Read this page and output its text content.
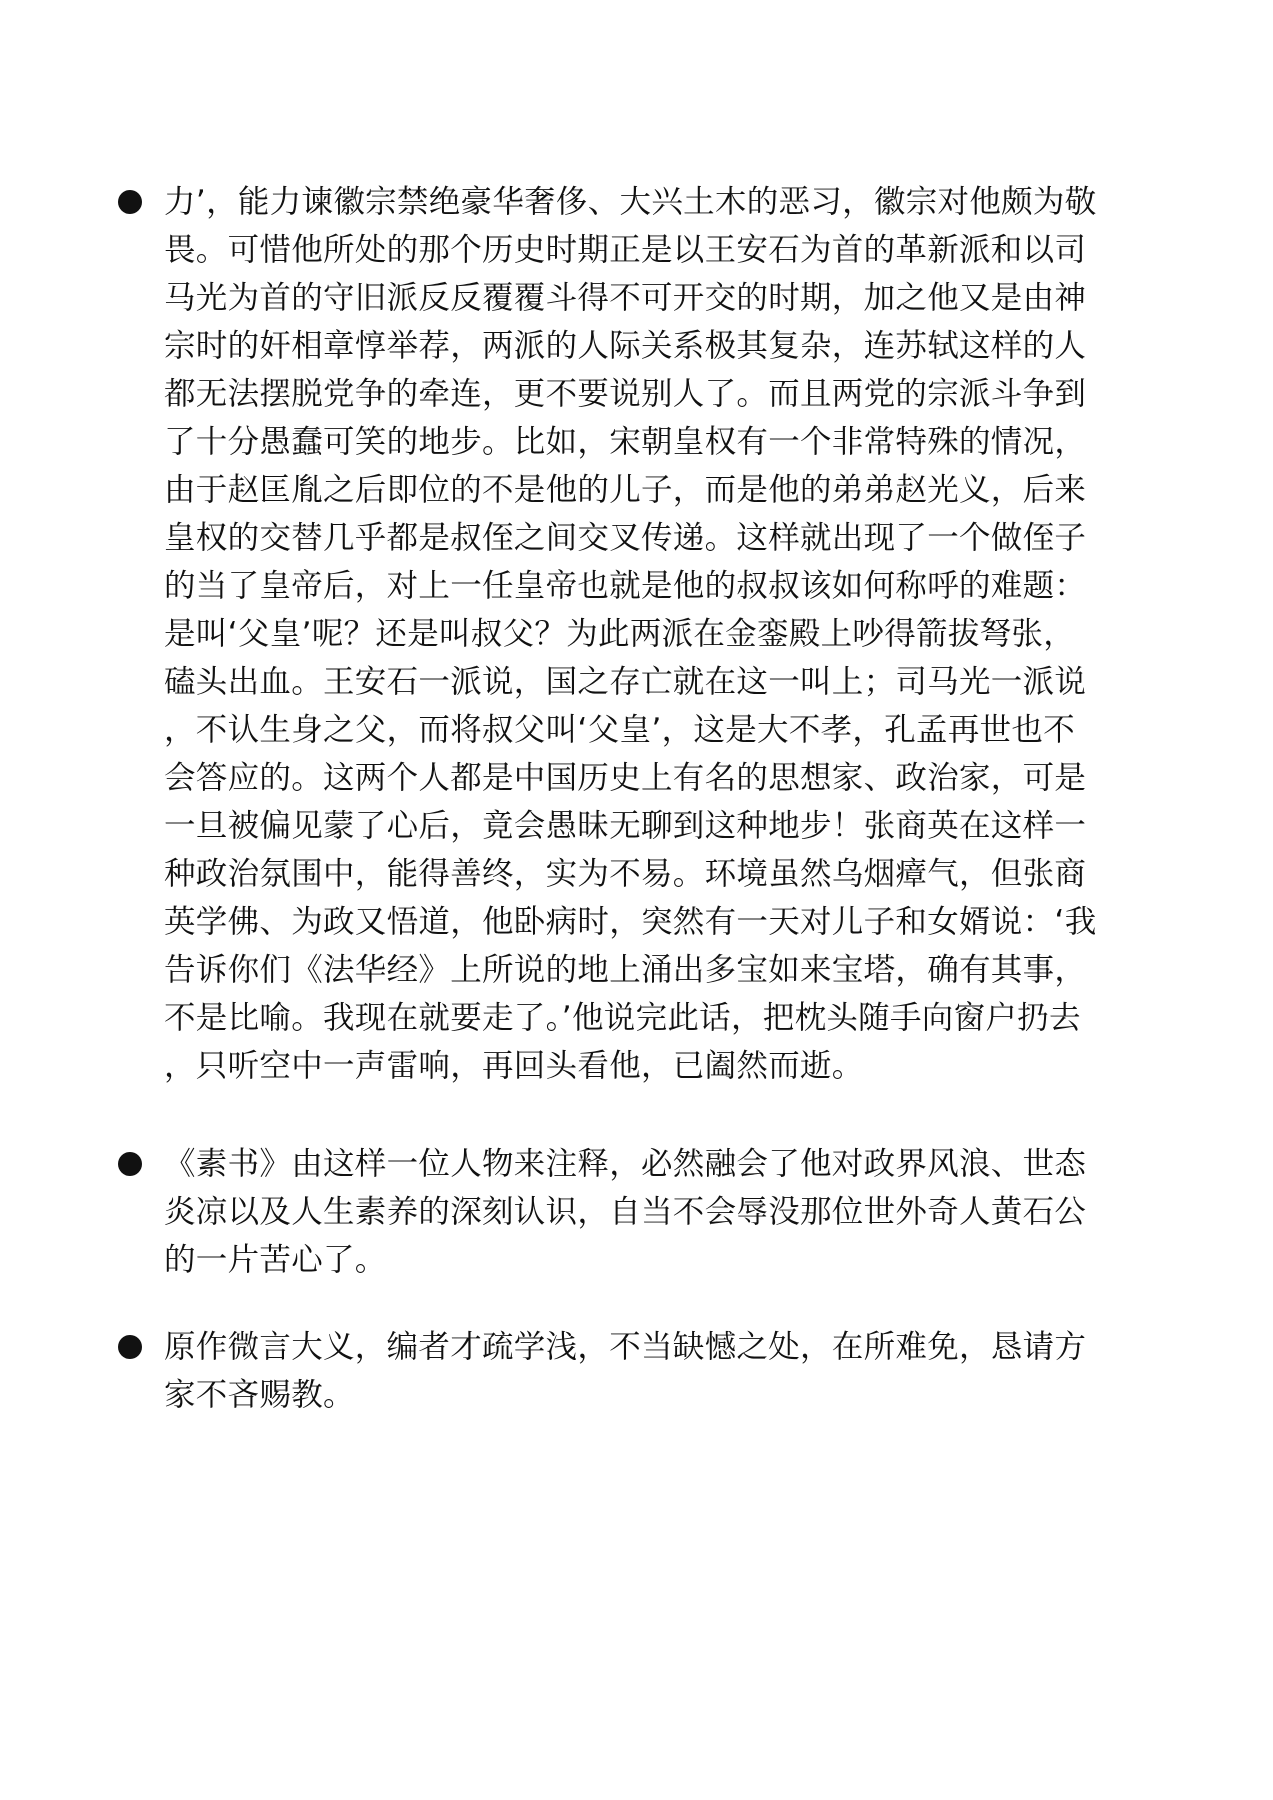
力’，能力谏徽宗禁绝豪华奢侈、大兴土木的恶习，徽宗对他颇为敬
畏。可惜他所处的那个历史时期正是以王安石为首的革新派和以司
马光为首的守旧派反反覆覆斗得不可开交的时期，加之他又是由神
宗时的奸相章惇举荐，两派的人际关系极其复杂，连苏轼这样的人
都无法摆脱党争的牵连，更不要说别人了。而且两党的宗派斗争到
了十分愚蠢可笑的地步。比如，宋朝皇权有一个非常特殊的情况，
由于赵匡胤之后即位的不是他的儿子，而是他的弟弟赵光义，后来
皇权的交替几乎都是叔侄之间交叉传递。这样就出现了一个做侄子
的当了皇帝后，对上一任皇帝也就是他的叔叔该如何称呼的难题：
是叫‘父皇’呢？还是叫叔父？为此两派在金銮殿上吵得箭拔弩张，
磕头出血。王安石一派说，国之存亡就在这一叫上；司马光一派说
，不认生身之父，而将叔父叫‘父皇’，这是大不孝，孔孟再世也不
会答应的。这两个人都是中国历史上有名的思想家、政治家，可是
一旦被偏见蒙了心后，竟会愚昧无聊到这种地步！张商英在这样一
种政治氛围中，能得善终，实为不易。环境虽然乌烟瘴气，但张商
英学佛、为政又悟道，他卧病时，突然有一天对儿子和女婿说：‘我
告诉你们《法华经》上所说的地上涌出多宝如来宝塔，确有其事，
不是比喻。我现在就要走了。’他说完此话，把枕头随手向窗户扔去
，只听空中一声雷响，再回头看他，已阖然而逝。
《素书》由这样一位人物来注释，必然融会了他对政界风浪、世态
炎凉以及人生素养的深刻认识，自当不会辱没那位世外奇人黄石公
的一片苦心了。
原作微言大义，编者才疏学浅，不当缺憾之处，在所难免，恳请方
家不吝赐教。
